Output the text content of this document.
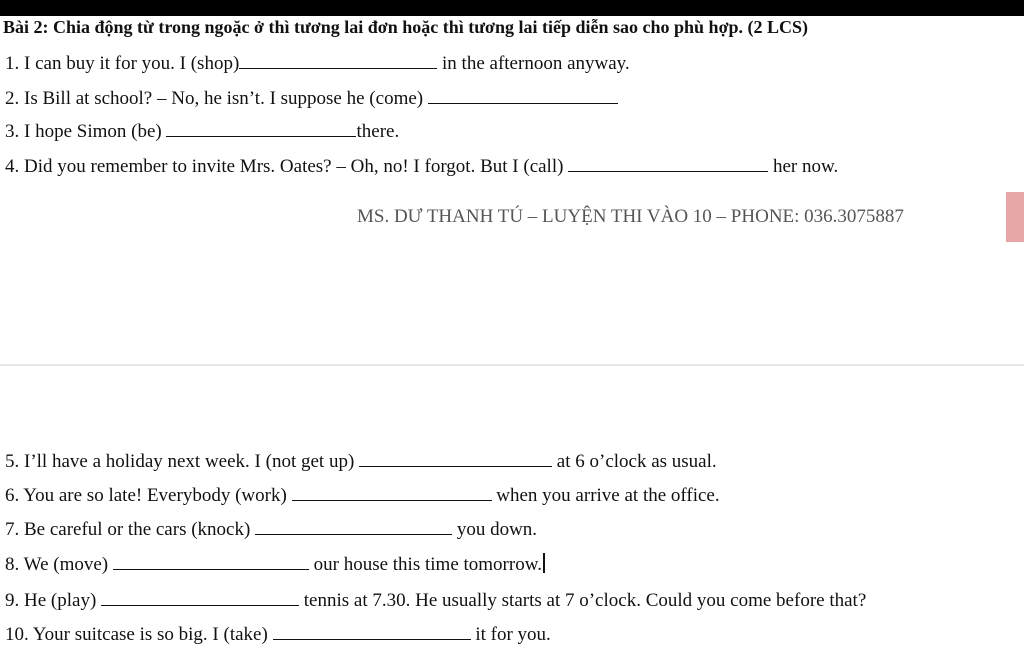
Bài 2: Chia động từ trong ngoặc ở thì tương lai đơn hoặc thì tương lai tiếp diễn sao cho phù hợp. (2 LCS)
1. I can buy it for you. I (shop)	in the afternoon anyway.
2. Is Bill at school? – No, he isn’t. I suppose he (come)
3. I hope Simon (be)	there.
4. Did you remember to invite Mrs. Oates? – Oh, no! I forgot. But I (call)	her now.
MS. DƯ THANH TÚ – LUYỆN THI VÀO 10 – PHONE: 036.3075887
5. I’ll have a holiday next week. I (not get up)	at 6 o’clock as usual.
6. You are so late! Everybody (work)	when you arrive at the office.
7. Be careful or the cars (knock)	you down.
8. We (move)	our house this time tomorrow.
9. He (play)	tennis at 7.30. He usually starts at 7 o’clock. Could you come before that?
10. Your suitcase is so big. I (take)	it for you.
